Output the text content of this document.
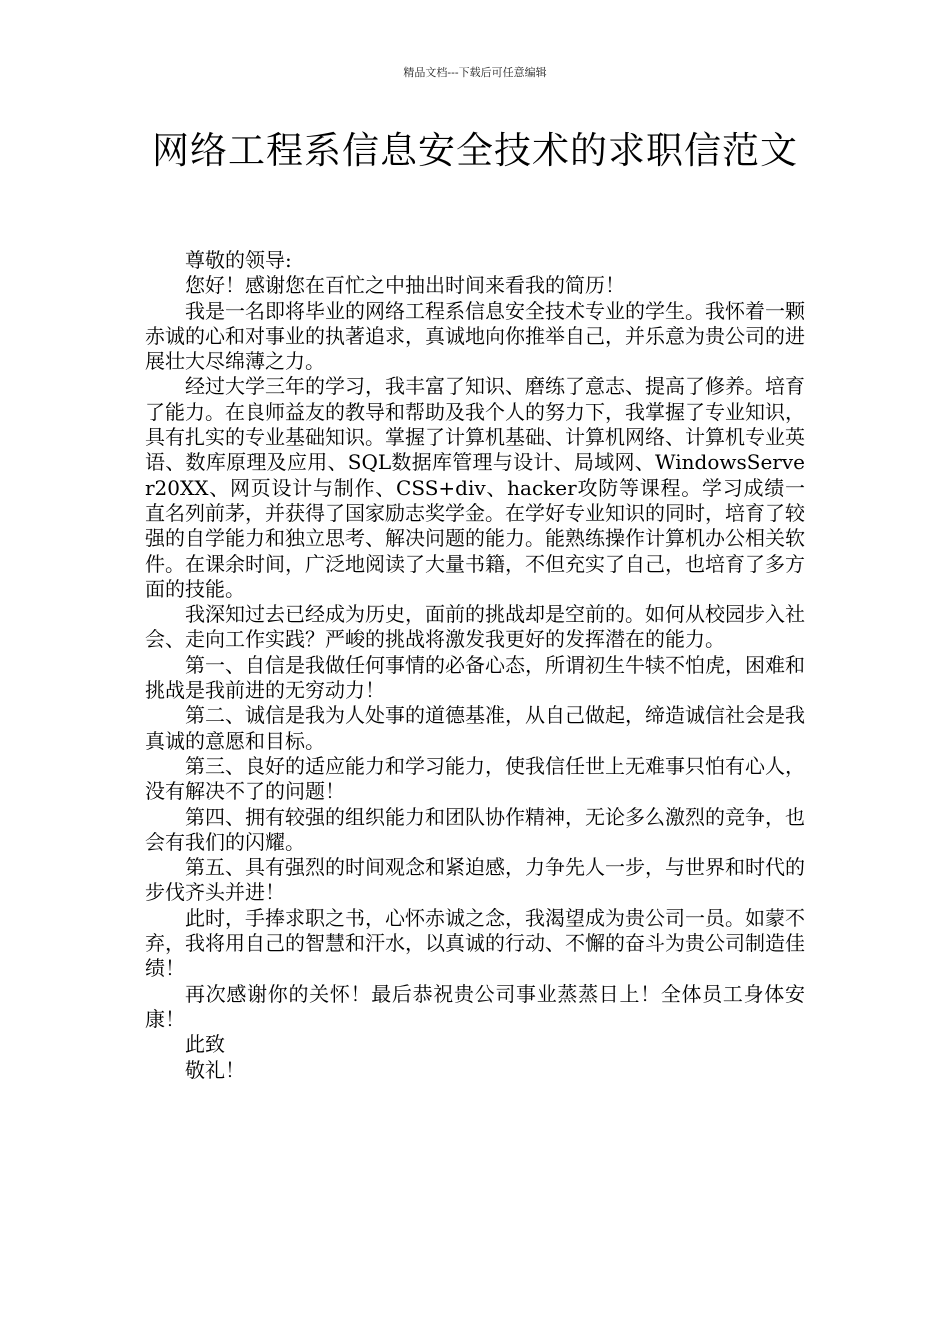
精品文档---下载后可任意编辑
网络工程系信息安全技术的求职信范文

尊敬的领导:

您好！感谢您在百忙之中抽出时间来看我的简历！

我是一名即将毕业的网络工程系信息安全技术专业的学生。我怀着一颗赤诚的心和对事业的执著追求，真诚地向你推举自己，并乐意为贵公司的进展壮大尽绵薄之力。

经过大学三年的学习，我丰富了知识、磨练了意志、提高了修养。培育了能力。在良师益友的教导和帮助及我个人的努力下，我掌握了专业知识，具有扎实的专业基础知识。掌握了计算机基础、计算机网络、计算机专业英语、数库原理及应用、SQL数据库管理与设计、局域网、WindowsServer20XX、网页设计与制作、CSS+div、hacker攻防等课程。学习成绩一直名列前茅，并获得了国家励志奖学金。在学好专业知识的同时，培育了较强的自学能力和独立思考、解决问题的能力。能熟练操作计算机办公相关软件。在课余时间，广泛地阅读了大量书籍，不但充实了自己，也培育了多方面的技能。

我深知过去已经成为历史，面前的挑战却是空前的。如何从校园步入社会、走向工作实践？严峻的挑战将激发我更好的发挥潜在的能力。

第一、自信是我做任何事情的必备心态，所谓初生牛犊不怕虎，困难和挑战是我前进的无穷动力！

第二、诚信是我为人处事的道德基准，从自己做起，缔造诚信社会是我真诚的意愿和目标。

第三、良好的适应能力和学习能力，使我信任世上无难事只怕有心人，没有解决不了的问题！

第四、拥有较强的组织能力和团队协作精神，无论多么激烈的竞争，也会有我们的闪耀。

第五、具有强烈的时间观念和紧迫感，力争先人一步，与世界和时代的步伐齐头并进！

此时，手捧求职之书，心怀赤诚之念，我渴望成为贵公司一员。如蒙不弃，我将用自己的智慧和汗水，以真诚的行动、不懈的奋斗为贵公司制造佳绩！

再次感谢你的关怀！最后恭祝贵公司事业蒸蒸日上！全体员工身体安康！

此致

敬礼！
